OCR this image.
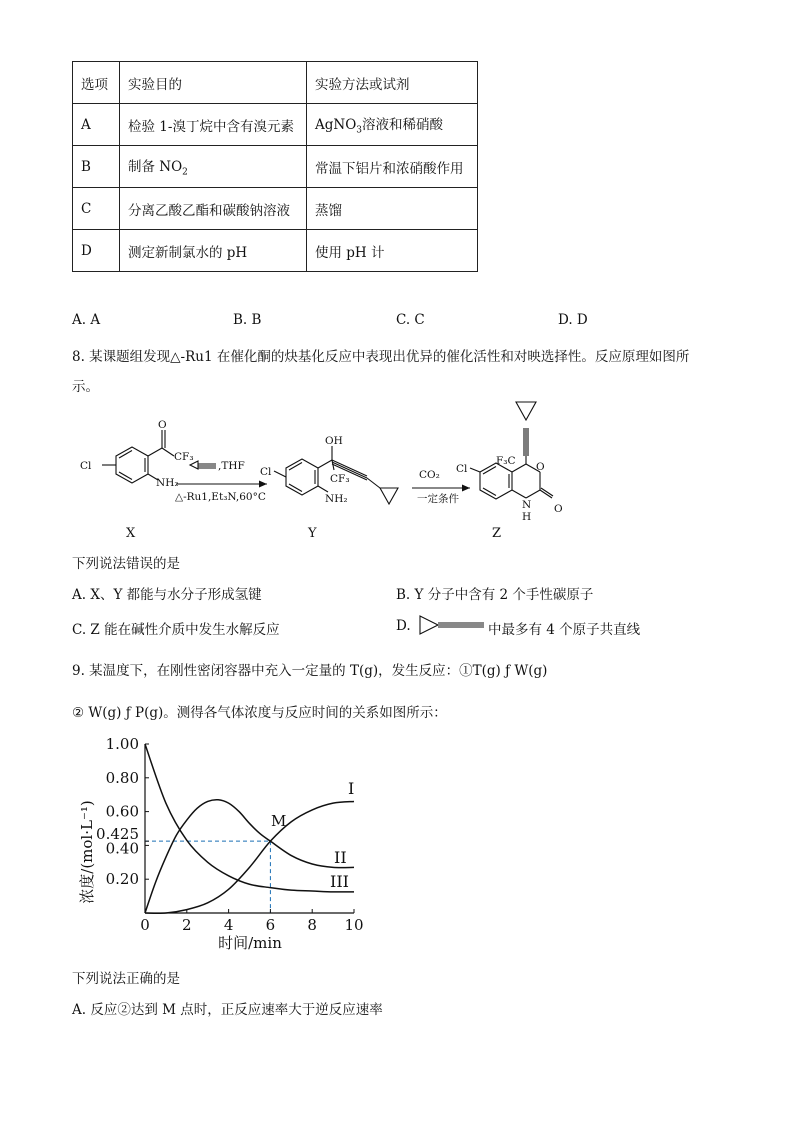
选项	实验目的	实验方法或试剂
A	检验 1-溴丁烷中含有溴元素	AgNO$_3$溶液和稀硝酸
B	制备 $NO_2$	常温下铝片和浓硝酸作用
C	分离乙酸乙酯和碳酸钠溶液	蒸馏
D	测定新制氯水的 pH	使用 pH 计
A. A	B. B	C. C	D. D
8. 某课题组发现△-Ru1 在催化酮的炔基化反应中表现出优异的催化活性和对映选择性。反应原理如图所
示。
Cl
O
CF₃
NH₂
,THF
△-Ru1,Et₃N,60°C
Cl
OH
CF₃
NH₂
CO₂
一定条件
Cl
F₃C O
O
N
H
X	Y	Z
下列说法错误的是
A. X、Y 都能与水分子形成氢键	B. Y 分子中含有 2 个手性碳原子
C. Z 能在碱性介质中发生水解反应	D.	中最多有 4 个原子共直线
9. 某温度下，在刚性密闭容器中充入一定量的 T(g)，发生反应：①T(g) ƒ W(g)
② W(g) ƒ P(g)。测得各气体浓度与反应时间的关系如图所示：
I
II
III
0 2 4 6 8 10
1.00
0.80
0.60
0.425
0.40
0.20
浓度/(mol·L⁻¹)
时间/min
M
下列说法正确的是
A. 反应②达到 M 点时，正反应速率大于逆反应速率
